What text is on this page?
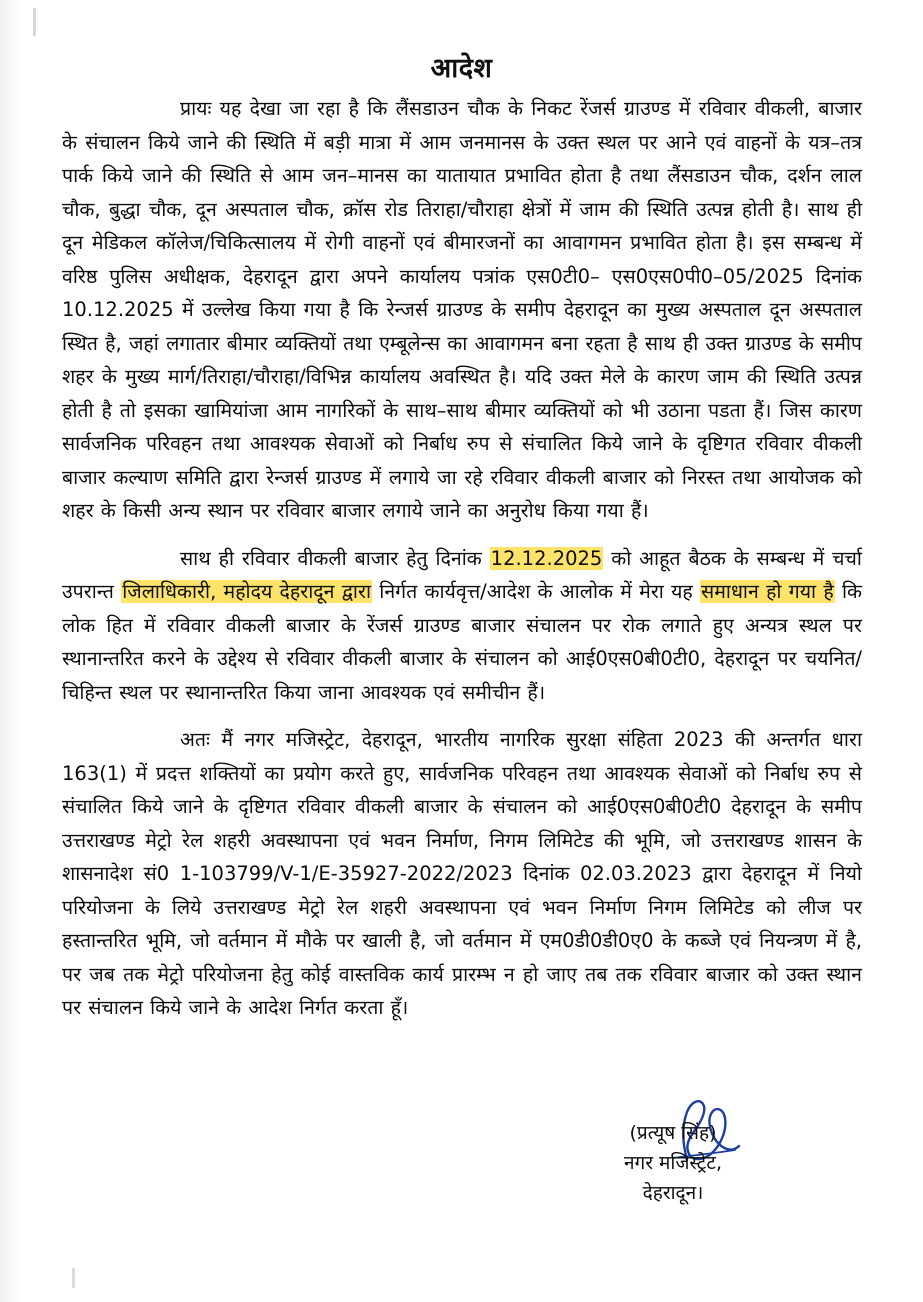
आदेश

प्रायः यह देखा जा रहा है कि लैंसडाउन चौक के निकट रेंजर्स ग्राउण्ड में रविवार वीकली, बाजार के संचालन किये जाने की स्थिति में बड़ी मात्रा में आम जनमानस के उक्त स्थल पर आने एवं वाहनों के यत्र–तत्र पार्क किये जाने की स्थिति से आम जन–मानस का यातायात प्रभावित होता है तथा लैंसडाउन चौक, दर्शन लाल चौक, बुद्धा चौक, दून अस्पताल चौक, क्रॉस रोड तिराहा/चौराहा क्षेत्रों में जाम की स्थिति उत्पन्न होती है। साथ ही दून मेडिकल कॉलेज/चिकित्सालय में रोगी वाहनों एवं बीमारजनों का आवागमन प्रभावित होता है। इस सम्बन्ध में वरिष्ठ पुलिस अधीक्षक, देहरादून द्वारा अपने कार्यालय पत्रांक एस0टी0– एस0एस0पी0–05/2025 दिनांक 10.12.2025 में उल्लेख किया गया है कि रेन्जर्स ग्राउण्ड के समीप देहरादून का मुख्य अस्पताल दून अस्पताल स्थित है, जहां लगातार बीमार व्यक्तियों तथा एम्बूलेन्स का आवागमन बना रहता है साथ ही उक्त ग्राउण्ड के समीप शहर के मुख्य मार्ग/तिराहा/चौराहा/विभिन्न कार्यालय अवस्थित है। यदि उक्त मेले के कारण जाम की स्थिति उत्पन्न होती है तो इसका खामियांजा आम नागरिकों के साथ–साथ बीमार व्यक्तियों को भी उठाना पडता हैं। जिस कारण सार्वजनिक परिवहन तथा आवश्यक सेवाओं को निर्बाध रुप से संचालित किये जाने के दृष्टिगत रविवार वीकली बाजार कल्याण समिति द्वारा रेन्जर्स ग्राउण्ड में लगाये जा रहे रविवार वीकली बाजार को निरस्त तथा आयोजक को शहर के किसी अन्य स्थान पर रविवार बाजार लगाये जाने का अनुरोध किया गया हैं।

साथ ही रविवार वीकली बाजार हेतु दिनांक 12.12.2025 को आहूत बैठक के सम्बन्ध में चर्चा उपरान्त जिलाधिकारी, महोदय देहरादून द्वारा निर्गत कार्यवृत्त/आदेश के आलोक में मेरा यह समाधान हो गया है कि लोक हित में रविवार वीकली बाजार के रेंजर्स ग्राउण्ड बाजार संचालन पर रोक लगाते हुए अन्यत्र स्थल पर स्थानान्तरित करने के उद्देश्य से रविवार वीकली बाजार के संचालन को आई0एस0बी0टी0, देहरादून पर चयनित/चिहिन्त स्थल पर स्थानान्तरित किया जाना आवश्यक एवं समीचीन हैं।

अतः मैं नगर मजिस्ट्रेट, देहरादून, भारतीय नागरिक सुरक्षा संहिता 2023 की अन्तर्गत धारा 163(1) में प्रदत्त शक्तियों का प्रयोग करते हुए, सार्वजनिक परिवहन तथा आवश्यक सेवाओं को निर्बाध रुप से संचालित किये जाने के दृष्टिगत रविवार वीकली बाजार के संचालन को आई0एस0बी0टी0 देहरादून के समीप उत्तराखण्ड मेट्रो रेल शहरी अवस्थापना एवं भवन निर्माण, निगम लिमिटेड की भूमि, जो उत्तराखण्ड शासन के शासनादेश सं0 1-103799/V-1/E-35927-2022/2023 दिनांक 02.03.2023 द्वारा देहरादून में नियो परियोजना के लिये उत्तराखण्ड मेट्रो रेल शहरी अवस्थापना एवं भवन निर्माण निगम लिमिटेड को लीज पर हस्तान्तरित भूमि, जो वर्तमान में मौके पर खाली है, जो वर्तमान में एम0डी0डी0ए0 के कब्जे एवं नियन्त्रण में है, पर जब तक मेट्रो परियोजना हेतु कोई वास्तविक कार्य प्रारम्भ न हो जाए तब तक रविवार बाजार को उक्त स्थान पर संचालन किये जाने के आदेश निर्गत करता हूँ।

(प्रत्यूष सिंह)
नगर मजिस्ट्रेट,
देहरादून।
